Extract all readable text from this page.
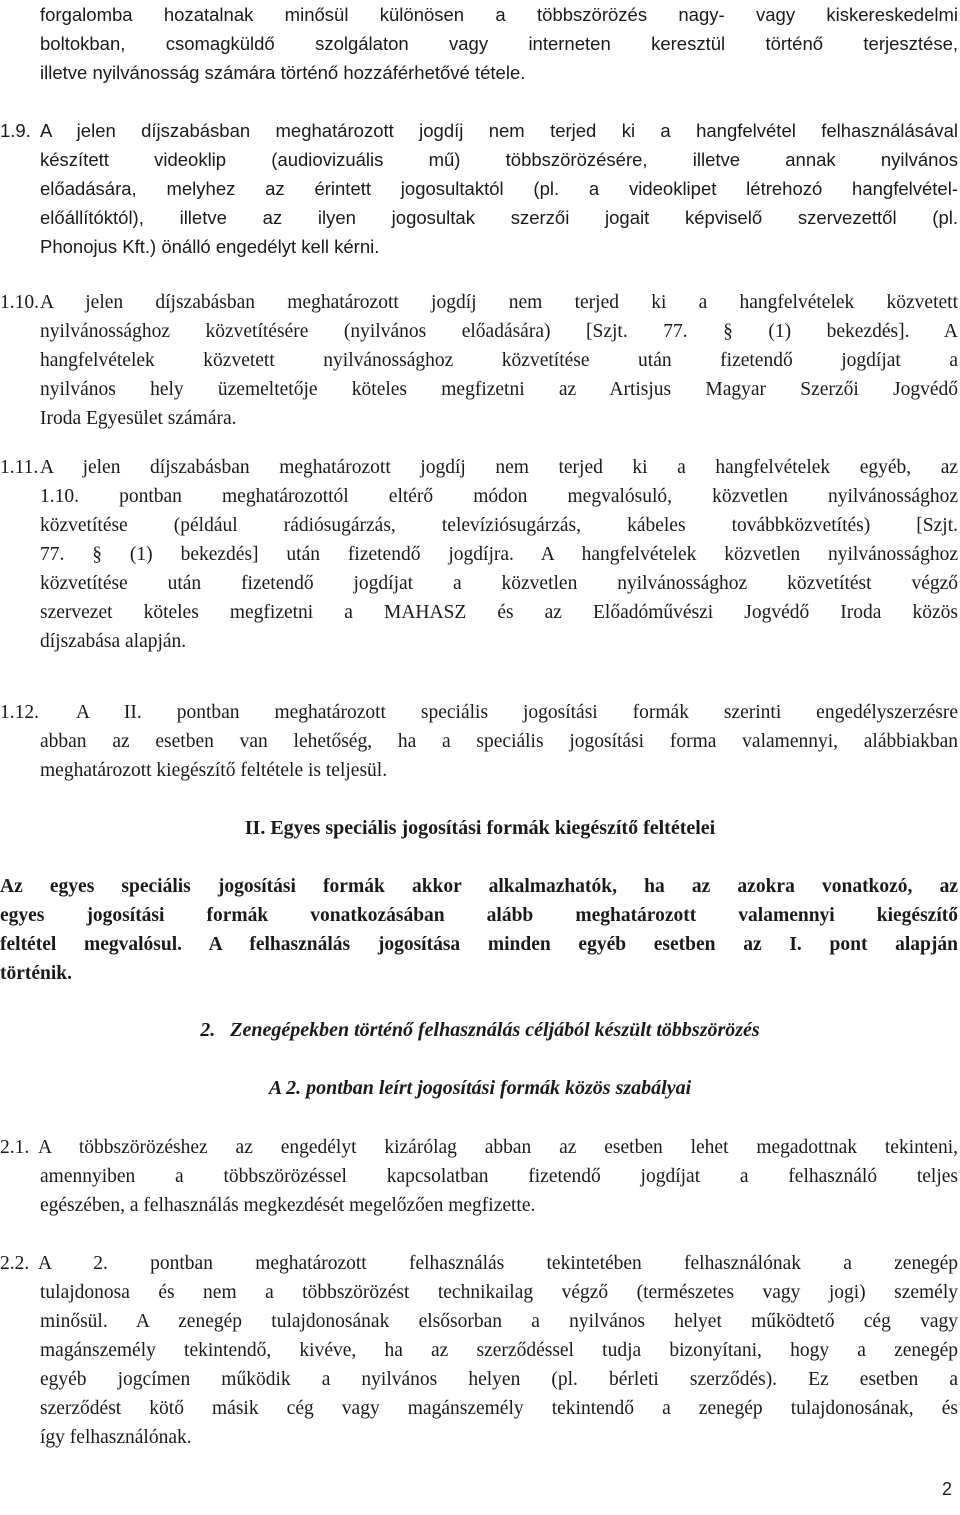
forgalomba hozatalnak minősül különösen a többszörözés nagy- vagy kiskereskedelmi
boltokban, csomagküldő szolgálaton vagy interneten keresztül történő terjesztése,
illetve nyilvánosság számára történő hozzáférhetővé tétele.
1.9. A jelen díjszabásban meghatározott jogdíj nem terjed ki a hangfelvétel felhasználásával
készített videoklip (audiovizuális mű) többszörözésére, illetve annak nyilvános
előadására, melyhez az érintett jogosultaktól (pl. a videoklipet létrehozó hangfelvétel-
előállítóktól), illetve az ilyen jogosultak szerzői jogait képviselő szervezettől (pl.
Phonojus Kft.) önálló engedélyt kell kérni.
1.10.A jelen díjszabásban meghatározott jogdíj nem terjed ki a hangfelvételek közvetett
nyilvánossághoz közvetítésére (nyilvános előadására) [Szjt. 77. § (1) bekezdés]. A
hangfelvételek közvetett nyilvánossághoz közvetítése után fizetendő jogdíjat a
nyilvános hely üzemeltetője köteles megfizetni az Artisjus Magyar Szerzői Jogvédő
Iroda Egyesület számára.
1.11.A jelen díjszabásban meghatározott jogdíj nem terjed ki a hangfelvételek egyéb, az
1.10. pontban meghatározottól eltérő módon megvalósuló, közvetlen nyilvánossághoz
közvetítése (például rádiósugárzás, televíziósugárzás, kábeles továbbközvetítés) [Szjt.
77. § (1) bekezdés] után fizetendő jogdíjra. A hangfelvételek közvetlen nyilvánossághoz
közvetítése után fizetendő jogdíjat a közvetlen nyilvánossághoz közvetítést végző
szervezet köteles megfizetni a MAHASZ és az Előadóművészi Jogvédő Iroda közös
díjszabása alapján.
1.12. A II. pontban meghatározott speciális jogosítási formák szerinti engedélyszerzésre
abban az esetben van lehetőség, ha a speciális jogosítási forma valamennyi, alábbiakban
meghatározott kiegészítő feltétele is teljesül.
II. Egyes speciális jogosítási formák kiegészítő feltételei
Az egyes speciális jogosítási formák akkor alkalmazhatók, ha az azokra vonatkozó, az
egyes jogosítási formák vonatkozásában alább meghatározott valamennyi kiegészítő
feltétel megvalósul. A felhasználás jogosítása minden egyéb esetben az I. pont alapján
történik.
2.   Zenegépekben történő felhasználás céljából készült többszörözés
A 2. pontban leírt jogosítási formák közös szabályai
2.1. A többszörözéshez az engedélyt kizárólag abban az esetben lehet megadottnak tekinteni,
amennyiben a többszörözéssel kapcsolatban fizetendő jogdíjat a felhasználó teljes
egészében, a felhasználás megkezdését megelőzően megfizette.
2.2. A 2. pontban meghatározott felhasználás tekintetében felhasználónak a zenegép
tulajdonosa és nem a többszörözést technikailag végző (természetes vagy jogi) személy
minősül. A zenegép tulajdonosának elsősorban a nyilvános helyet működtető cég vagy
magánszemély tekintendő, kivéve, ha az szerződéssel tudja bizonyítani, hogy a zenegép
egyéb jogcímen működik a nyilvános helyen (pl. bérleti szerződés). Ez esetben a
szerződést kötő másik cég vagy magánszemély tekintendő a zenegép tulajdonosának, és
így felhasználónak.
2
